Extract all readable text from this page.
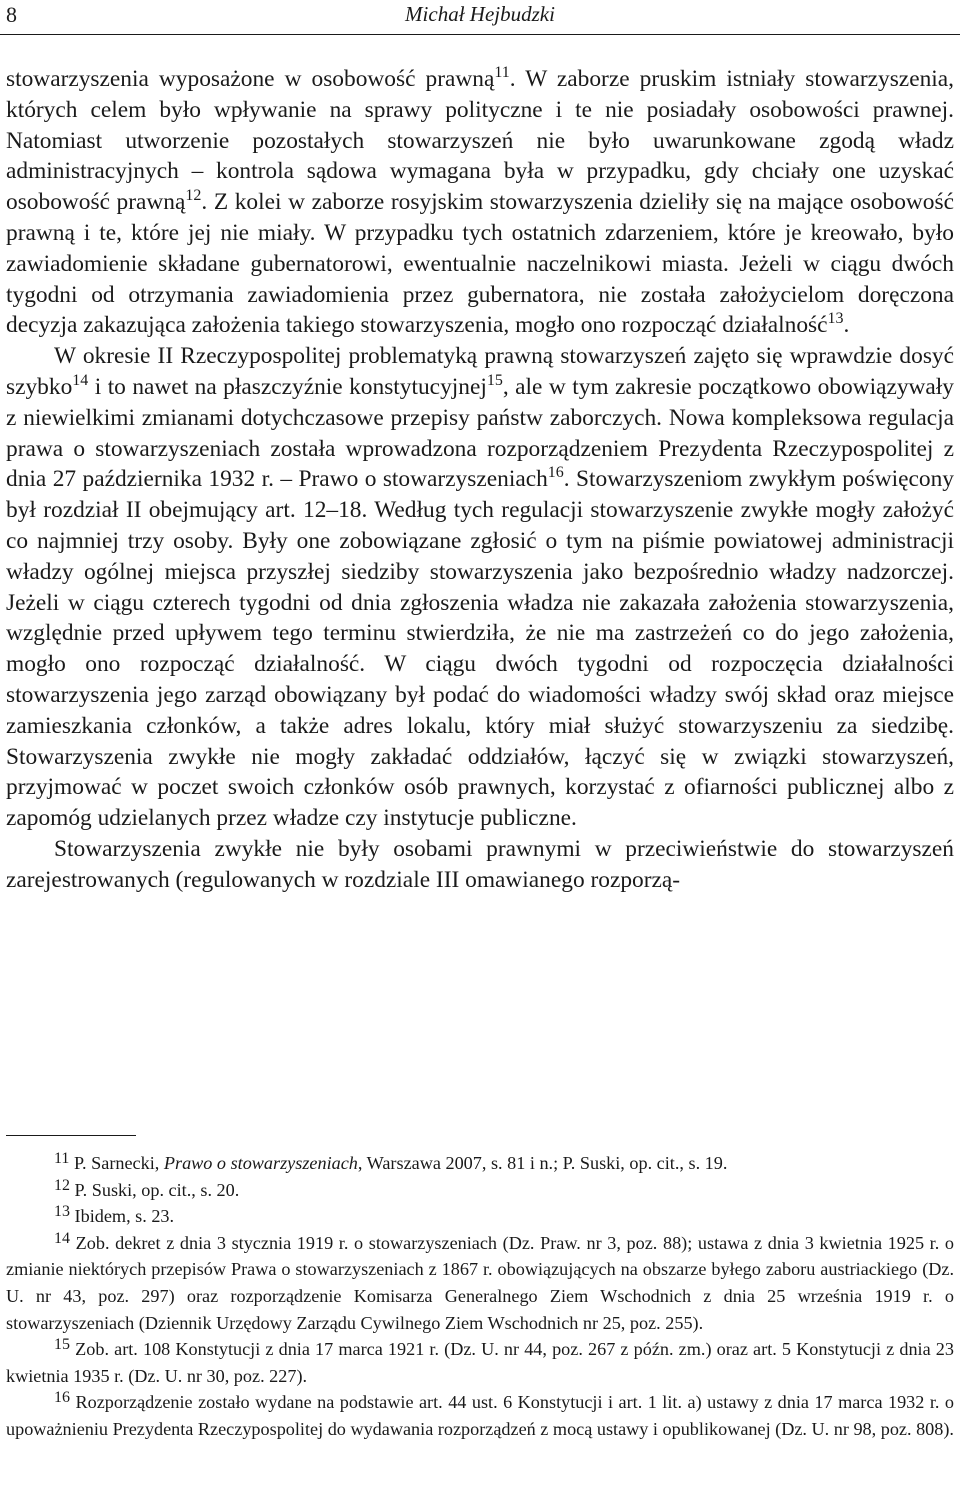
8	Michał Hejbudzki

stowarzyszenia wyposażone w osobowość prawną$^{11}$. W zaborze pruskim istniały stowarzyszenia, których celem było wpływanie na sprawy polityczne i te nie posiadały osobowości prawnej. Natomiast utworzenie pozostałych stowarzyszeń nie było uwarunkowane zgodą władz administracyjnych – kontrola sądowa wymagana była w przypadku, gdy chciały one uzyskać osobowość prawną$^{12}$. Z kolei w zaborze rosyjskim stowarzyszenia dzieliły się na mające osobowość prawną i te, które jej nie miały. W przypadku tych ostatnich zdarzeniem, które je kreowało, było zawiadomienie składane gubernatorowi, ewentualnie naczelnikowi miasta. Jeżeli w ciągu dwóch tygodni od otrzymania zawiadomienia przez gubernatora, nie została założycielom doręczona decyzja zakazująca założenia takiego stowarzyszenia, mogło ono rozpocząć działalność$^{13}$.

W okresie II Rzeczypospolitej problematyką prawną stowarzyszeń zajęto się wprawdzie dosyć szybko$^{14}$ i to nawet na płaszczyźnie konstytucyjnej$^{15}$, ale w tym zakresie początkowo obowiązywały z niewielkimi zmianami dotychczasowe przepisy państw zaborczych. Nowa kompleksowa regulacja prawa o stowarzyszeniach została wprowadzona rozporządzeniem Prezydenta Rzeczypospolitej z dnia 27 października 1932 r. – Prawo o stowarzyszeniach$^{16}$. Stowarzyszeniom zwykłym poświęcony był rozdział II obejmujący art. 12–18. Według tych regulacji stowarzyszenie zwykłe mogły założyć co najmniej trzy osoby. Były one zobowiązane zgłosić o tym na piśmie powiatowej administracji władzy ogólnej miejsca przyszłej siedziby stowarzyszenia jako bezpośrednio władzy nadzorczej. Jeżeli w ciągu czterech tygodni od dnia zgłoszenia władza nie zakazała założenia stowarzyszenia, względnie przed upływem tego terminu stwierdziła, że nie ma zastrzeżeń co do jego założenia, mogło ono rozpocząć działalność. W ciągu dwóch tygodni od rozpoczęcia działalności stowarzyszenia jego zarząd obowiązany był podać do wiadomości władzy swój skład oraz miejsce zamieszkania członków, a także adres lokalu, który miał służyć stowarzyszeniu za siedzibę. Stowarzyszenia zwykłe nie mogły zakładać oddziałów, łączyć się w związki stowarzyszeń, przyjmować w poczet swoich członków osób prawnych, korzystać z ofiarności publicznej albo z zapomóg udzielanych przez władze czy instytucje publiczne.

Stowarzyszenia zwykłe nie były osobami prawnymi w przeciwieństwie do stowarzyszeń zarejestrowanych (regulowanych w rozdziale III omawianego rozporzą-

11 P. Sarnecki, Prawo o stowarzyszeniach, Warszawa 2007, s. 81 i n.; P. Suski, op. cit., s. 19.

12 P. Suski, op. cit., s. 20.

13 Ibidem, s. 23.

14 Zob. dekret z dnia 3 stycznia 1919 r. o stowarzyszeniach (Dz. Praw. nr 3, poz. 88); ustawa z dnia 3 kwietnia 1925 r. o zmianie niektórych przepisów Prawa o stowarzyszeniach z 1867 r. obowiązujących na obszarze byłego zaboru austriackiego (Dz. U. nr 43, poz. 297) oraz rozporządzenie Komisarza Generalnego Ziem Wschodnich z dnia 25 września 1919 r. o stowarzyszeniach (Dziennik Urzędowy Zarządu Cywilnego Ziem Wschodnich nr 25, poz. 255).

15 Zob. art. 108 Konstytucji z dnia 17 marca 1921 r. (Dz. U. nr 44, poz. 267 z późn. zm.) oraz art. 5 Konstytucji z dnia 23 kwietnia 1935 r. (Dz. U. nr 30, poz. 227).

16 Rozporządzenie zostało wydane na podstawie art. 44 ust. 6 Konstytucji i art. 1 lit. a) ustawy z dnia 17 marca 1932 r. o upoważnieniu Prezydenta Rzeczypospolitej do wydawania rozporządzeń z mocą ustawy i opublikowanej (Dz. U. nr 98, poz. 808).
